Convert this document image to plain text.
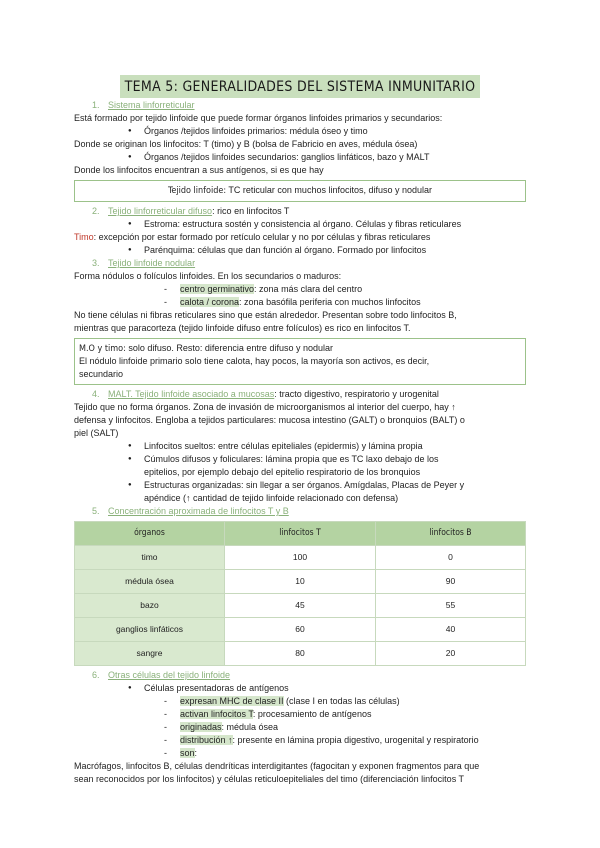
TEMA 5: GENERALIDADES DEL SISTEMA INMUNITARIO
1. Sistema linforreticular
Está formado por tejido linfoide que puede formar órganos linfoides primarios y secundarios:
● Órganos /tejidos linfoides primarios: médula óseo y timo
Donde se originan los linfocitos: T (timo) y B (bolsa de Fabricio en aves, médula ósea)
● Órganos /tejidos linfoides secundarios: ganglios linfáticos, bazo y MALT
Donde los linfocitos encuentran a sus antígenos, si es que hay
Tejido linfoide: TC reticular con muchos linfocitos, difuso y nodular
2. Tejido linforreticular difuso: rico en linfocitos T
● Estroma: estructura sostén y consistencia al órgano. Células y fibras reticulares
Timo: excepción por estar formado por retículo celular y no por células y fibras reticulares
● Parénquima: células que dan función al órgano. Formado por linfocitos
3. Tejido linfoide nodular
Forma nódulos o folículos linfoides. En los secundarios o maduros:
- centro germinativo: zona más clara del centro
- calota / corona: zona basófila periferia con muchos linfocitos
No tiene células ni fibras reticulares sino que están alrededor. Presentan sobre todo linfocitos B,
mientras que paracorteza (tejido linfoide difuso entre folículos) es rico en linfocitos T.
M.O y timo: solo difuso. Resto: diferencia entre difuso y nodular
El nódulo linfoide primario solo tiene calota, hay pocos, la mayoría son activos, es decir,
secundario
4. MALT. Tejido linfoide asociado a mucosas: tracto digestivo, respiratorio y urogenital
Tejido que no forma órganos. Zona de invasión de microorganismos al interior del cuerpo, hay ↑
defensa y linfocitos. Engloba a tejidos particulares: mucosa intestino (GALT) o bronquios (BALT) o
piel (SALT)
● Linfocitos sueltos: entre células epiteliales (epidermis) y lámina propia
● Cúmulos difusos y foliculares: lámina propia que es TC laxo debajo de los
epitelios, por ejemplo debajo del epitelio respiratorio de los bronquios
● Estructuras organizadas: sin llegar a ser órganos. Amígdalas, Placas de Peyer y
apéndice (↑ cantidad de tejido linfoide relacionado con defensa)
5. Concentración aproximada de linfocitos T y B
órganos	linfocitos T	linfocitos B
timo	100	0
médula ósea	10	90
bazo	45	55
ganglios linfáticos	60	40
sangre	80	20
6. Otras células del tejido linfoide
● Células presentadoras de antígenos
- expresan MHC de clase II (clase I en todas las células)
- activan linfocitos T: procesamiento de antígenos
- originadas: médula ósea
- distribución ↑: presente en lámina propia digestivo, urogenital y respiratorio
- son:
Macrófagos, linfocitos B, células dendríticas interdigitantes (fagocitan y exponen fragmentos para que
sean reconocidos por los linfocitos) y células reticuloepiteliales del timo (diferenciación linfocitos T
